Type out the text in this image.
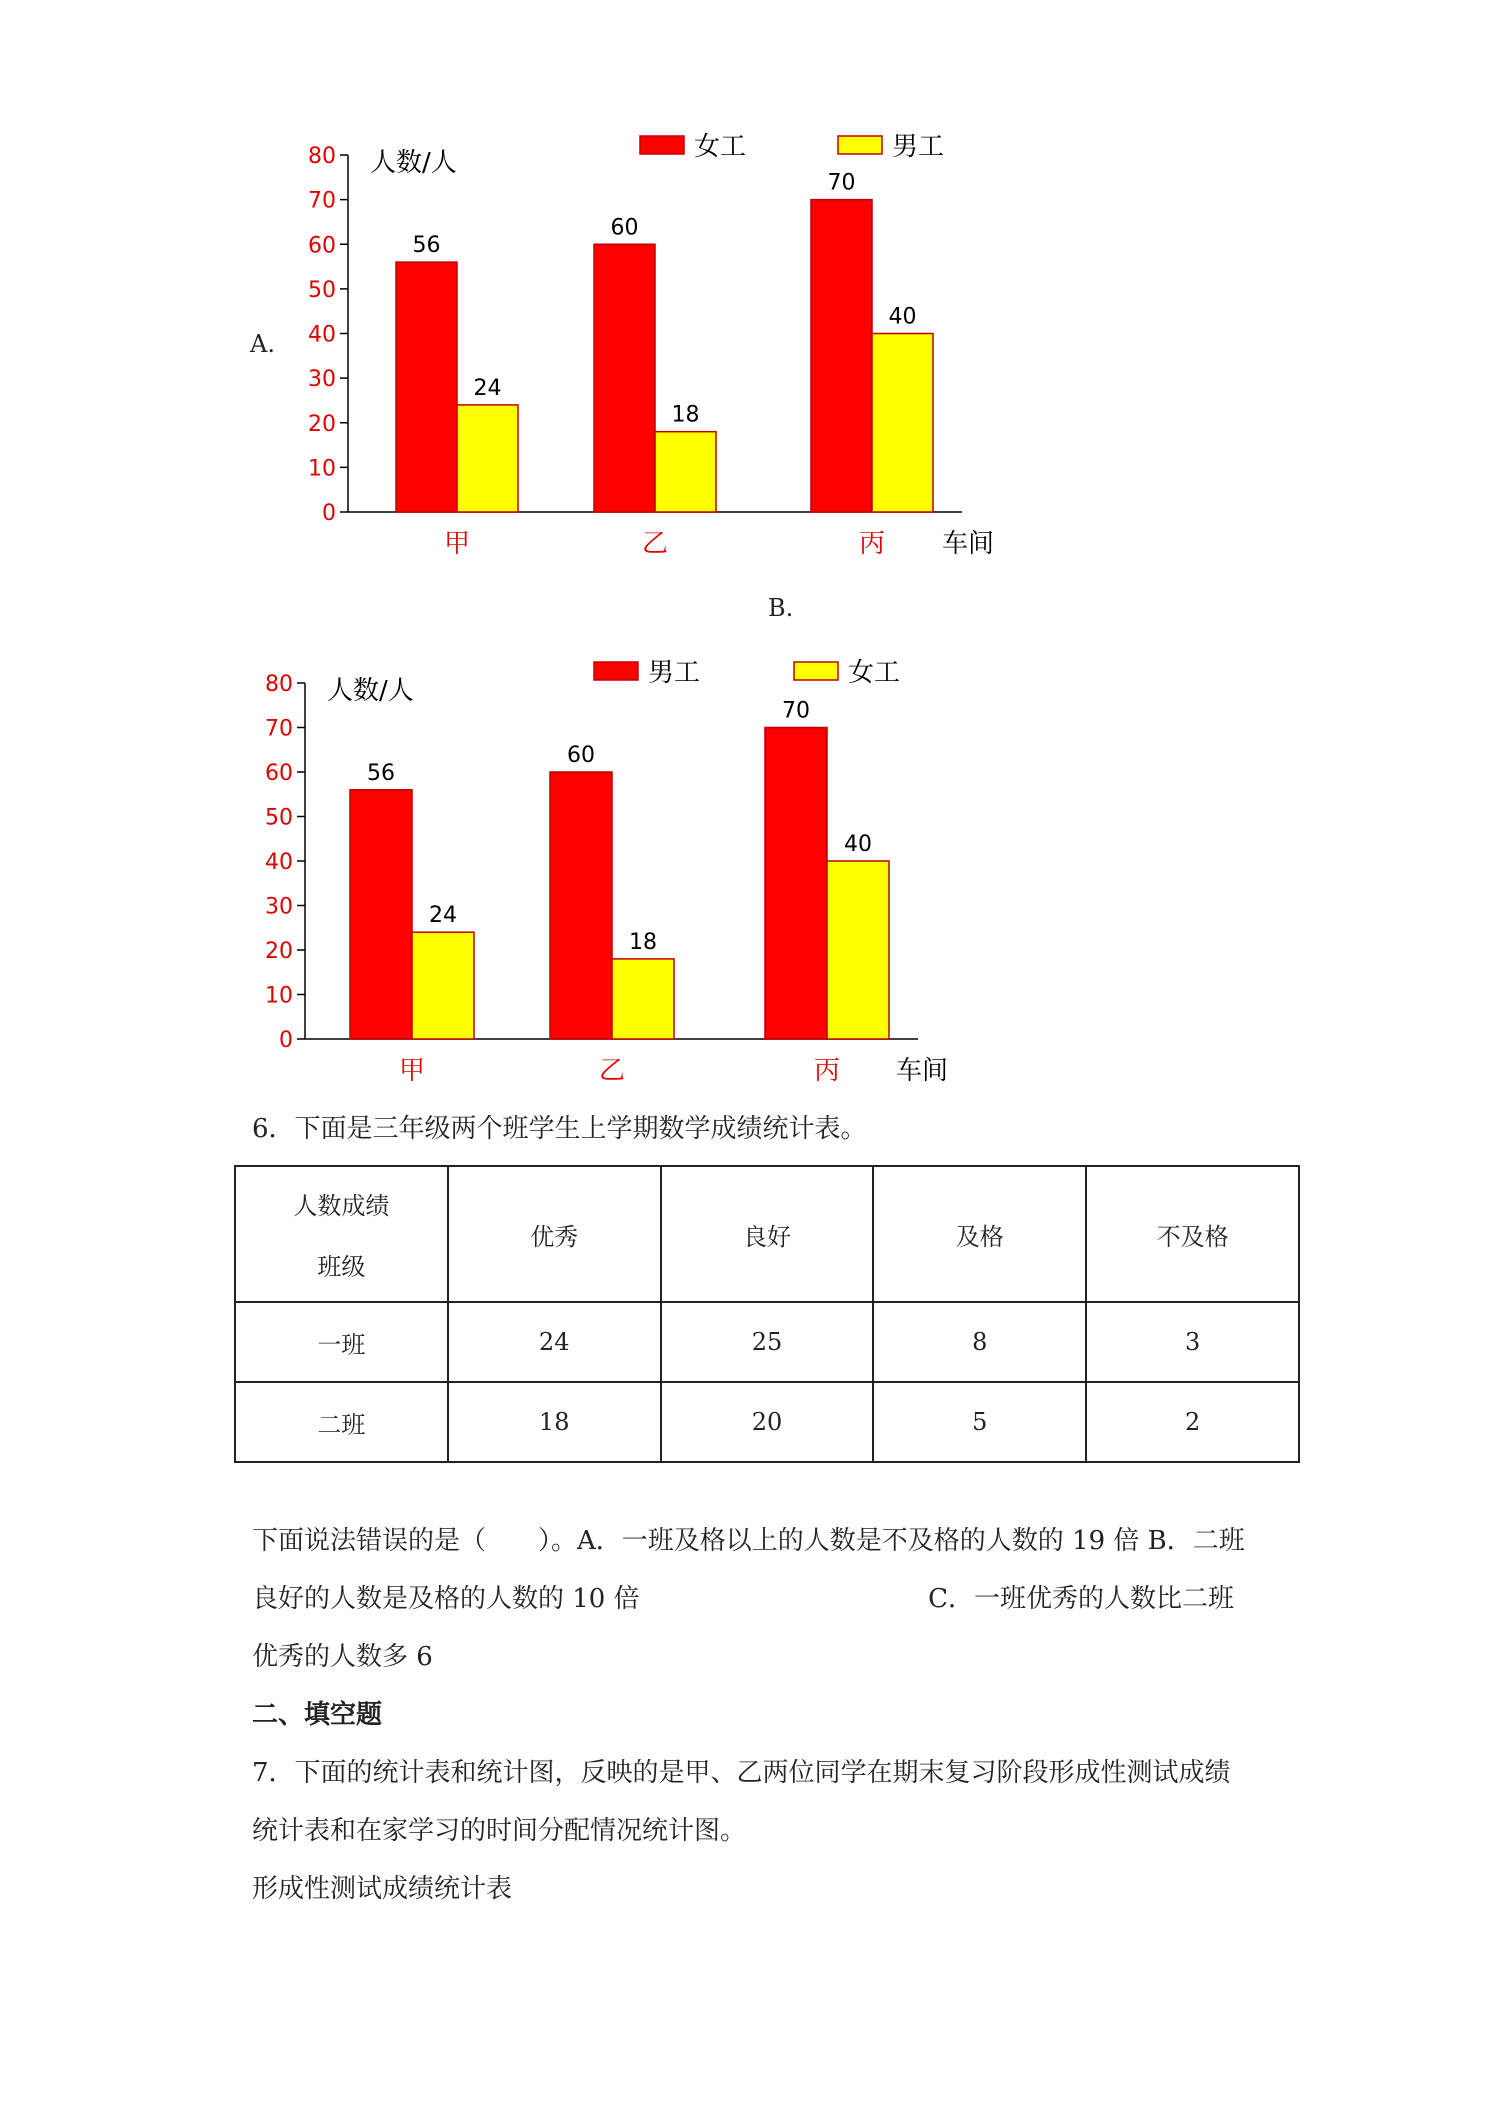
A.
B.
0
10
20
30
40
50
60
70
80 人数/人
56
24
甲
60
18
乙
70
40
丙 车间
女工	男工
0
10
20
30
40
50
60
70
80 人数/人
56
24
甲
60
18
乙
70
40
丙 车间
男工	女工
6．下面是三年级两个班学生上学期数学成绩统计表。
人数成绩
班级	优秀	良好	及格	不及格
一班	24	25	8	3
二班	18	20	5	2
下面说法错误的是（　　）。A．一班及格以上的人数是不及格的人数的 19 倍 B．二班
良好的人数是及格的人数的 10 倍	C．一班优秀的人数比二班
优秀的人数多 6
二、填空题
7．下面的统计表和统计图，反映的是甲、乙两位同学在期末复习阶段形成性测试成绩
统计表和在家学习的时间分配情况统计图。
形成性测试成绩统计表
